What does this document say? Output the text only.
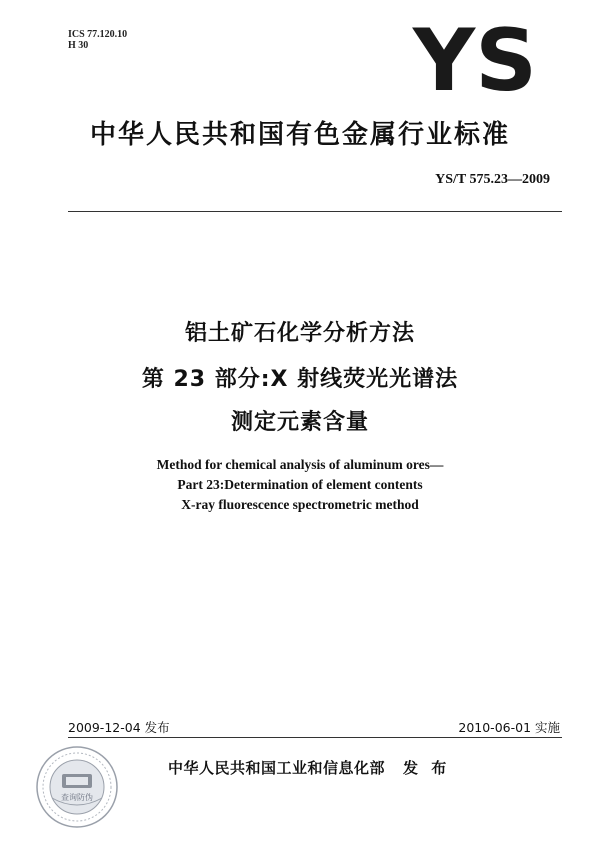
ICS 77.120.10
H 30	YS
中华人民共和国有色金属行业标准
YS/T 575.23—2009
铝土矿石化学分析方法
第 23 部分:X 射线荧光光谱法
测定元素含量
Method for chemical analysis of aluminum ores—
Part 23:Determination of element contents
X-ray fluorescence spectrometric method
2009-12-04 发布	2010-06-01 实施
查询防伪
中华人民共和国工业和信息化部 发 布
